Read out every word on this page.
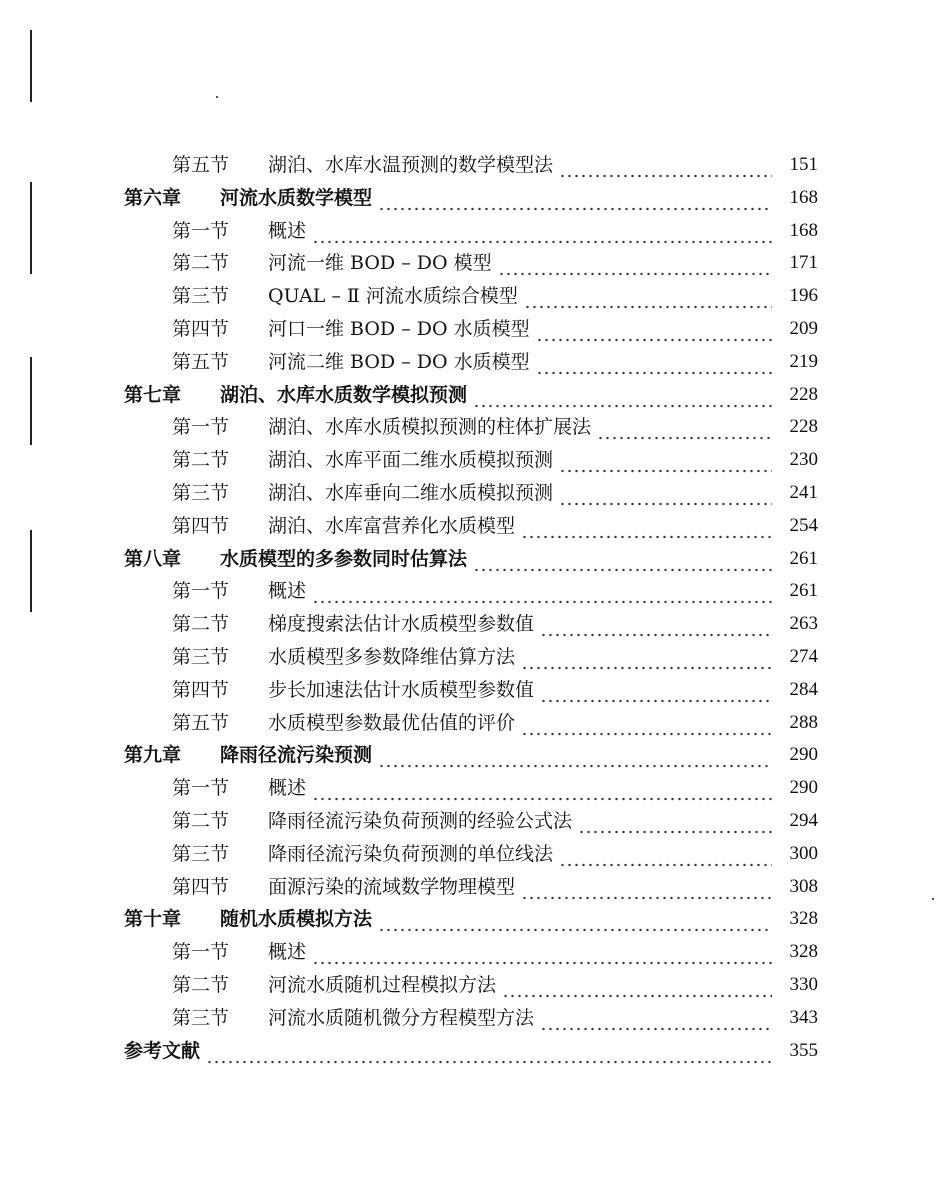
第五节	湖泊、水库水温预测的数学模型法	151
第六章	河流水质数学模型	168
第一节	概述	168
第二节	河流一维 BOD – DO 模型	171
第三节	QUAL – Ⅱ 河流水质综合模型	196
第四节	河口一维 BOD – DO 水质模型	209
第五节	河流二维 BOD – DO 水质模型	219
第七章	湖泊、水库水质数学模拟预测	228
第一节	湖泊、水库水质模拟预测的柱体扩展法	228
第二节	湖泊、水库平面二维水质模拟预测	230
第三节	湖泊、水库垂向二维水质模拟预测	241
第四节	湖泊、水库富营养化水质模型	254
第八章	水质模型的多参数同时估算法	261
第一节	概述	261
第二节	梯度搜索法估计水质模型参数值	263
第三节	水质模型多参数降维估算方法	274
第四节	步长加速法估计水质模型参数值	284
第五节	水质模型参数最优估值的评价	288
第九章	降雨径流污染预测	290
第一节	概述	290
第二节	降雨径流污染负荷预测的经验公式法	294
第三节	降雨径流污染负荷预测的单位线法	300
第四节	面源污染的流域数学物理模型	308
第十章	随机水质模拟方法	328
第一节	概述	328
第二节	河流水质随机过程模拟方法	330
第三节	河流水质随机微分方程模型方法	343
参考文献	355
